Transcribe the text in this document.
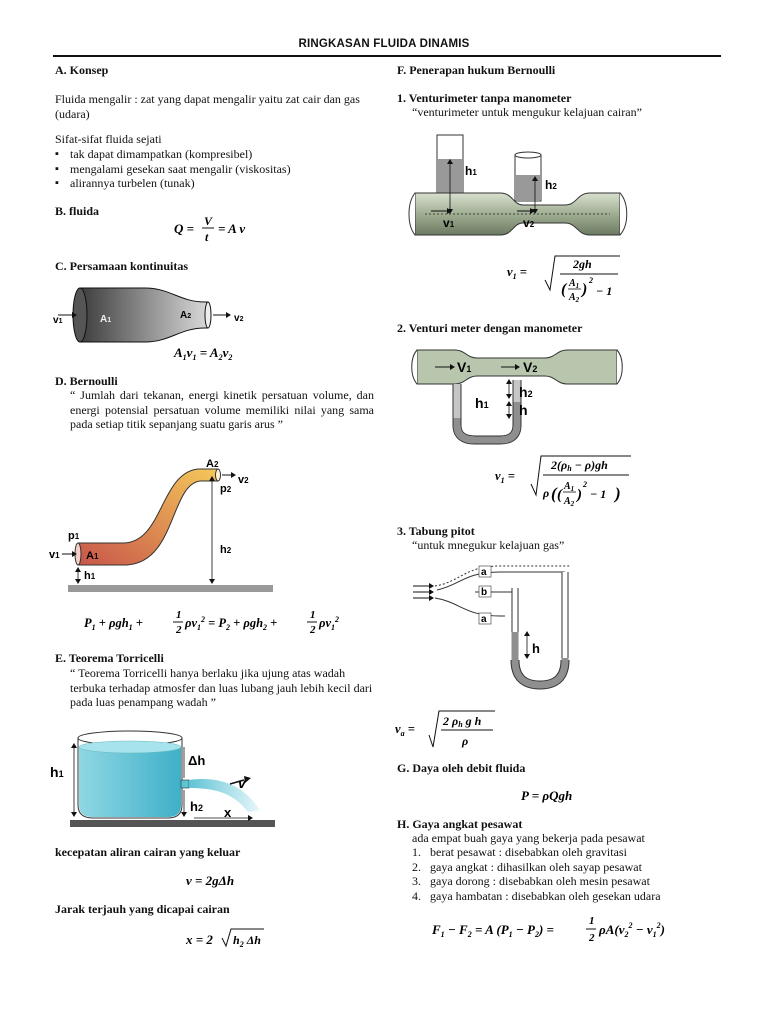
RINGKASAN FLUIDA DINAMIS
A. Konsep
Fluida mengalir : zat yang dapat mengalir yaitu zat cair dan gas (udara)
Sifat-sifat fluida sejati
▪ tak dapat dimampatkan (kompresibel)
▪ mengalami gesekan saat mengalir (viskositas)
▪ alirannya turbelen (tunak)
B. fluida
Q = V
t
= A v
C. Persamaan kontinuitas
v1	A1	A2	v2
$A_1v_1 = A_2v_2$
D. Bernoulli
“ Jumlah dari tekanan, energi kinetik persatuan volume, dan energi potensial persatuan volume memiliki nilai yang sama pada setiap titik sepanjang suatu garis arus ”
v1
p1
A1
h1
A2
v2
p2
h2
$P_1 + \rho gh_1$ +
1
2 $\rho v_1^2 = P_2 + \rho gh_2$ +
1
2 $\rho v_1^2$
E. Teorema Torricelli
“ Teorema Torricelli hanya berlaku jika ujung atas wadah terbuka terhadap atmosfer dan luas lubang jauh lebih kecil dari pada luas penampang wadah ”
h1
Δh
h2 x
v
kecepatan aliran cairan yang keluar
v = 2gΔh
Jarak terjauh yang dicapai cairan
x = 2 $h_2$ Δh
F. Penerapan hukum Bernoulli
1. Venturimeter tanpa manometer
“venturimeter untuk mengukur kelajuan cairan”
h1
h2
v1	v2
$v_1$ =
2gh
( $A_1$
$A_2$
)
2
− 1
2. Venturi meter dengan manometer
V1	V2
h1
h2
h
$v_1$ =
2(ρh − ρ)gh
ρ ( (
$A_1$
$A_2$
)
2
− 1 )
3. Tabung pitot
“untuk mnegukur kelajuan gas”
a
b
a
h
$v_a$ =
2 ρh g h
ρ
G. Daya oleh debit fluida
P = ρQgh
H. Gaya angkat pesawat
ada empat buah gaya yang bekerja pada pesawat
1. berat pesawat : disebabkan oleh gravitasi
2. gaya angkat : dihasilkan oleh sayap pesawat
3. gaya dorong : disebabkan oleh mesin pesawat
4. gaya hambatan : disebabkan oleh gesekan udara
$F_1 - F_2 = A$ $(P_1 - P_2)$ =
1
2
$\rho A(v_2^2 - v_1^2)$
